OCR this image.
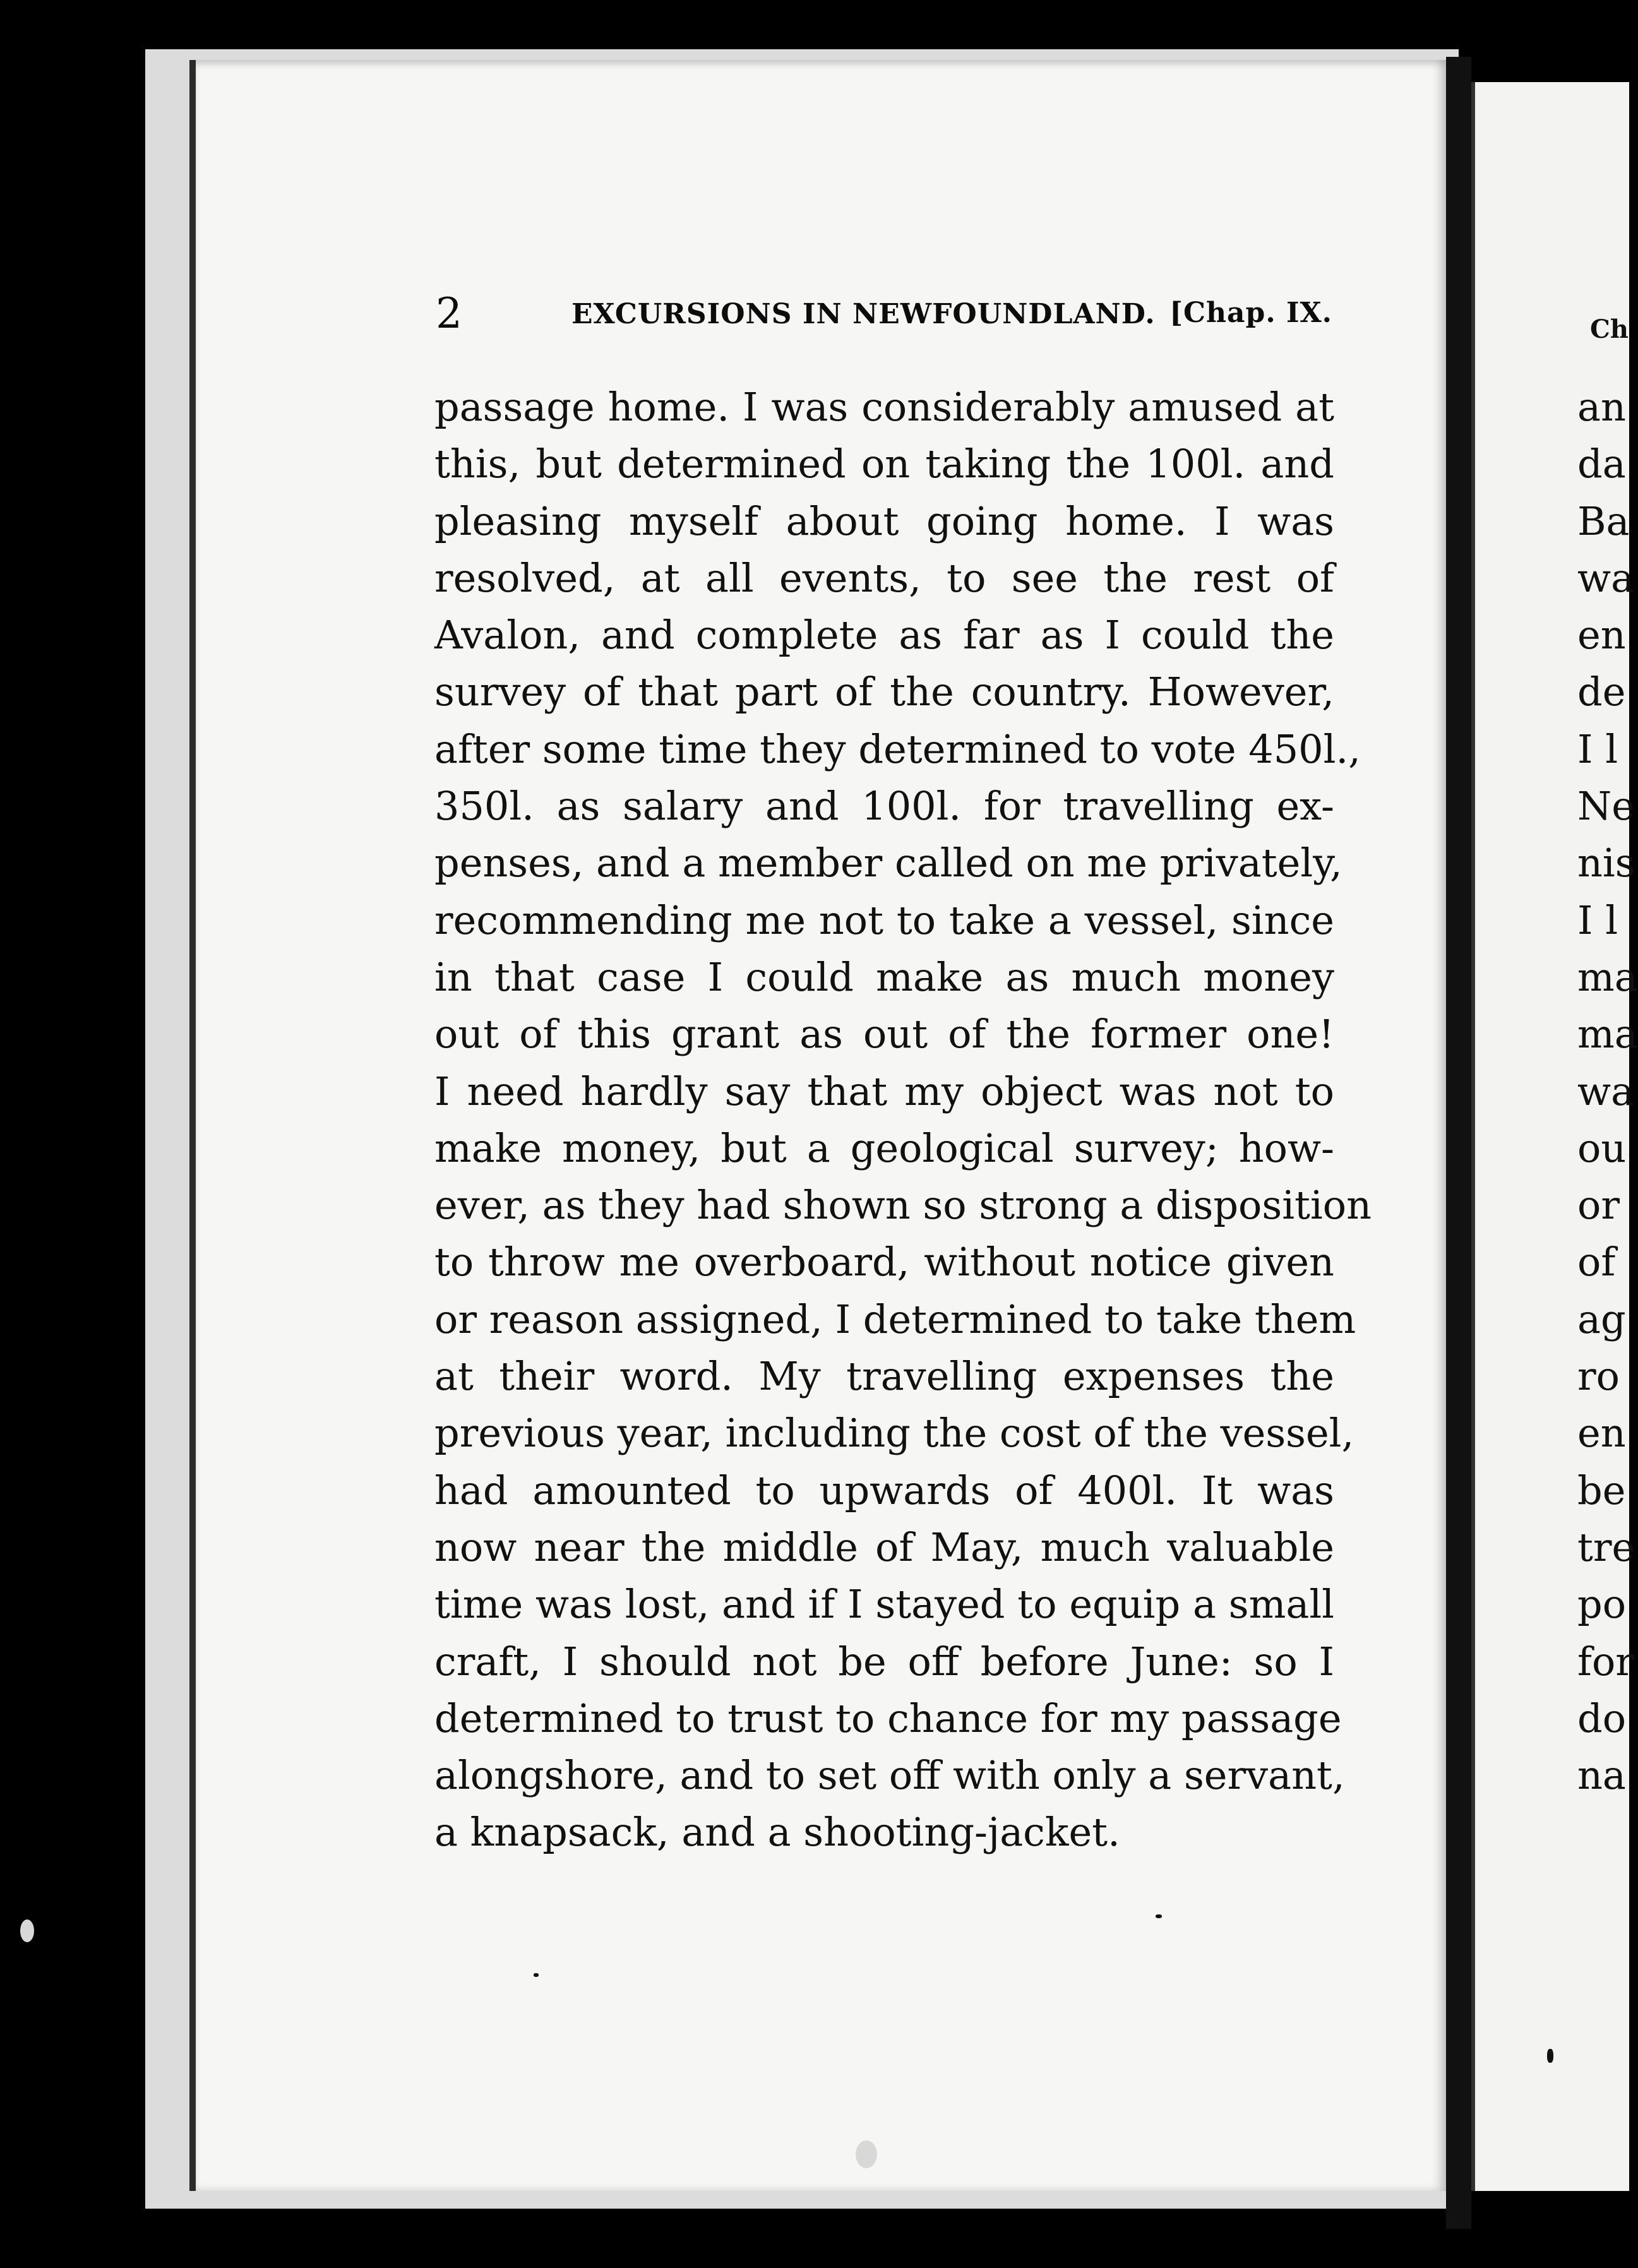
2	EXCURSIONS IN NEWFOUNDLAND. [Chap. IX.
passage home. I was considerably amused at
this, but determined on taking the 100l. and
pleasing myself about going home. I was
resolved, at all events, to see the rest of
Avalon, and complete as far as I could the
survey of that part of the country. However,
after some time they determined to vote 450l.,
350l. as salary and 100l. for travelling ex-
penses, and a member called on me privately,
recommending me not to take a vessel, since
in that case I could make as much money
out of this grant as out of the former one!
I need hardly say that my object was not to
make money, but a geological survey; how-
ever, as they had shown so strong a disposition
to throw me overboard, without notice given
or reason assigned, I determined to take them
at their word. My travelling expenses the
previous year, including the cost of the vessel,
had amounted to upwards of 400l. It was
now near the middle of May, much valuable
time was lost, and if I stayed to equip a small
craft, I should not be off before June: so I
determined to trust to chance for my passage
alongshore, and to set off with only a servant,
a knapsack, and a shooting-jacket.
Ch
an
da
Ba
wa
en
de
I l
Ne
nis
I l
ma
ma
wa
ou
or
of
ag
ro
en
be
tre
po
for
do
na
